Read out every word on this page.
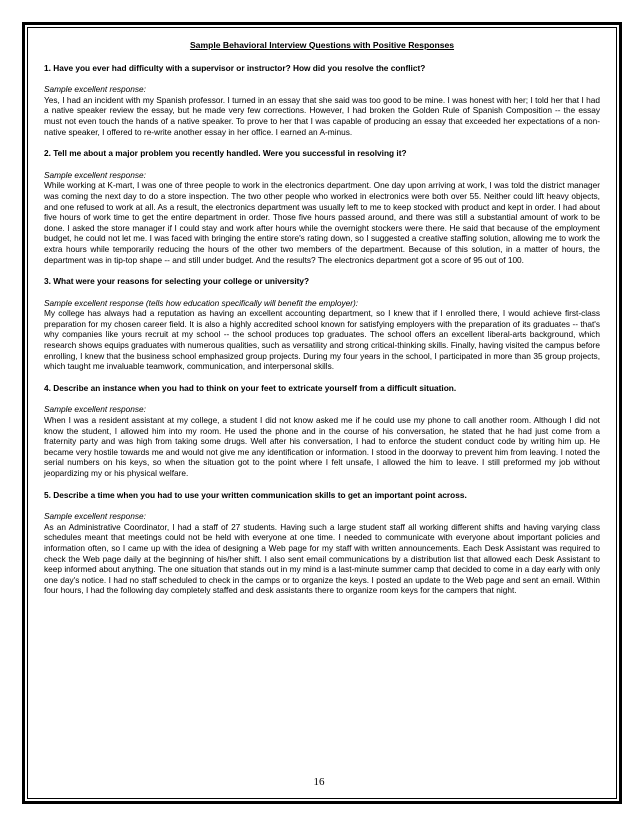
Sample Behavioral Interview Questions with Positive Responses

1. Have you ever had difficulty with a supervisor or instructor? How did you resolve the conflict?

Sample excellent response:

Yes, I had an incident with my Spanish professor. I turned in an essay that she said was too good to be mine. I was honest with her; I told her that I had a native speaker review the essay, but he made very few corrections. However, I had broken the Golden Rule of Spanish Composition -- the essay must not even touch the hands of a native speaker. To prove to her that I was capable of producing an essay that exceeded her expectations of a non-native speaker, I offered to re-write another essay in her office. I earned an A-minus.

2. Tell me about a major problem you recently handled. Were you successful in resolving it?

Sample excellent response:

While working at K-mart, I was one of three people to work in the electronics department. One day upon arriving at work, I was told the district manager was coming the next day to do a store inspection. The two other people who worked in electronics were both over 55. Neither could lift heavy objects, and one refused to work at all. As a result, the electronics department was usually left to me to keep stocked with product and kept in order. I had about five hours of work time to get the entire department in order. Those five hours passed around, and there was still a substantial amount of work to be done. I asked the store manager if I could stay and work after hours while the overnight stockers were there. He said that because of the employment budget, he could not let me. I was faced with bringing the entire store's rating down, so I suggested a creative staffing solution, allowing me to work the extra hours while temporarily reducing the hours of the other two members of the department. Because of this solution, in a matter of hours, the department was in tip-top shape -- and still under budget. And the results? The electronics department got a score of 95 out of 100.

3. What were your reasons for selecting your college or university?

Sample excellent response (tells how education specifically will benefit the employer):

My college has always had a reputation as having an excellent accounting department, so I knew that if I enrolled there, I would achieve first-class preparation for my chosen career field. It is also a highly accredited school known for satisfying employers with the preparation of its graduates -- that's why companies like yours recruit at my school -- the school produces top graduates. The school offers an excellent liberal-arts background, which research shows equips graduates with numerous qualities, such as versatility and strong critical-thinking skills. Finally, having visited the campus before enrolling, I knew that the business school emphasized group projects. During my four years in the school, I participated in more than 35 group projects, which taught me invaluable teamwork, communication, and interpersonal skills.

4. Describe an instance when you had to think on your feet to extricate yourself from a difficult situation.

Sample excellent response:

When I was a resident assistant at my college, a student I did not know asked me if he could use my phone to call another room. Although I did not know the student, I allowed him into my room. He used the phone and in the course of his conversation, he stated that he had just come from a fraternity party and was high from taking some drugs. Well after his conversation, I had to enforce the student conduct code by writing him up. He became very hostile towards me and would not give me any identification or information. I stood in the doorway to prevent him from leaving. I noted the serial numbers on his keys, so when the situation got to the point where I felt unsafe, I allowed the him to leave. I still preformed my job without jeopardizing my or his physical welfare.

5. Describe a time when you had to use your written communication skills to get an important point across.

Sample excellent response:

As an Administrative Coordinator, I had a staff of 27 students. Having such a large student staff all working different shifts and having varying class schedules meant that meetings could not be held with everyone at one time. I needed to communicate with everyone about important policies and information often, so I came up with the idea of designing a Web page for my staff with written announcements. Each Desk Assistant was required to check the Web page daily at the beginning of his/her shift. I also sent email communications by a distribution list that allowed each Desk Assistant to keep informed about anything. The one situation that stands out in my mind is a last-minute summer camp that decided to come in a day early with only one day's notice. I had no staff scheduled to check in the camps or to organize the keys. I posted an update to the Web page and sent an email. Within four hours, I had the following day completely staffed and desk assistants there to organize room keys for the campers that night.

16
